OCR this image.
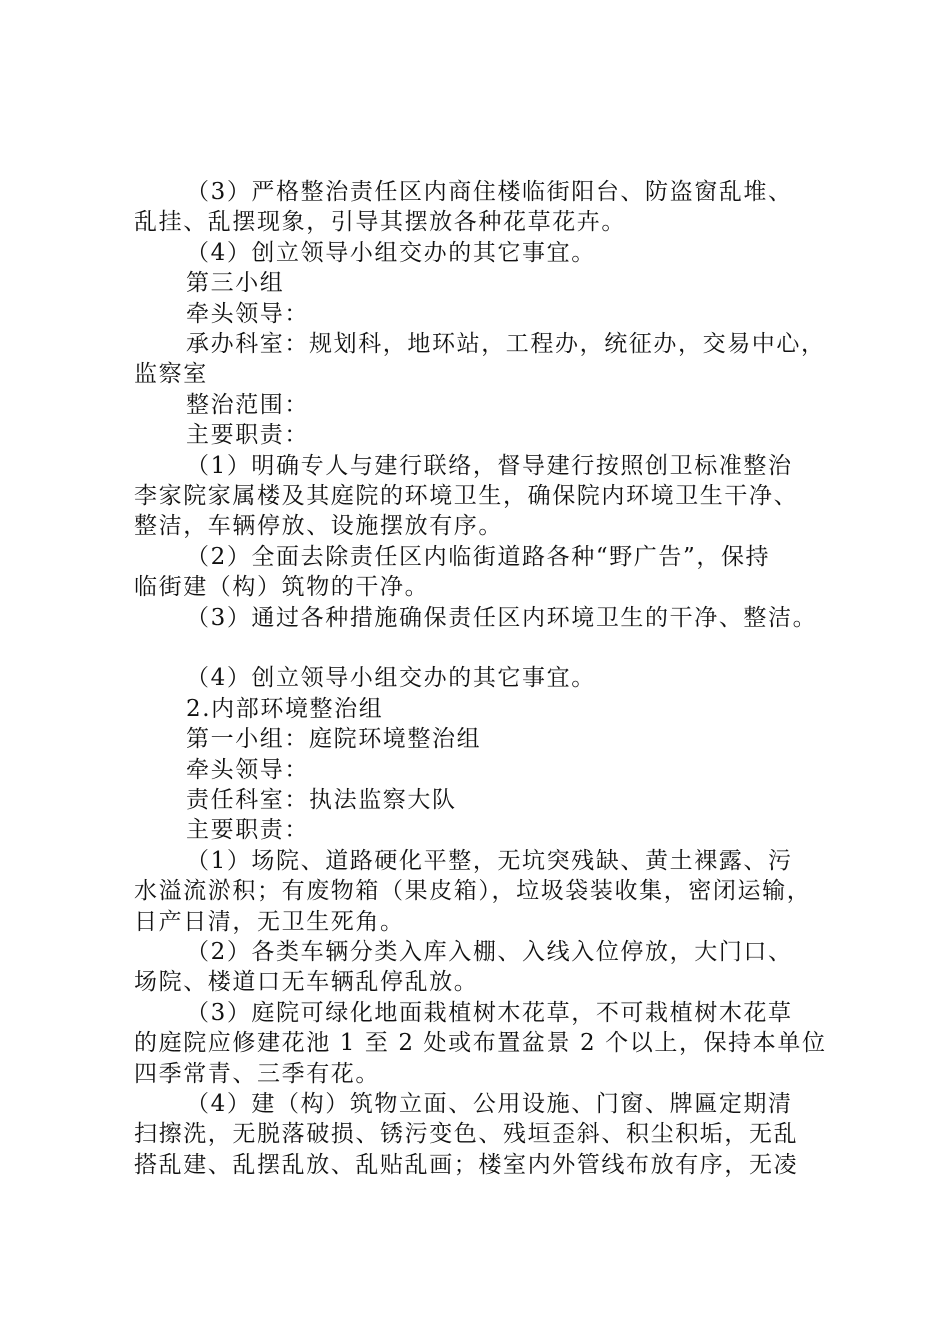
（3）严格整治责任区内商住楼临街阳台、防盗窗乱堆、
乱挂、乱摆现象，引导其摆放各种花草花卉。
（4）创立领导小组交办的其它事宜。
第三小组
牵头领导：
承办科室：规划科，地环站，工程办，统征办，交易中心，
监察室
整治范围：
主要职责：
（1）明确专人与建行联络，督导建行按照创卫标准整治
李家院家属楼及其庭院的环境卫生，确保院内环境卫生干净、
整洁，车辆停放、设施摆放有序。
（2）全面去除责任区内临街道路各种“野广告”，保持
临街建（构）筑物的干净。
（3）通过各种措施确保责任区内环境卫生的干净、整洁。
（4）创立领导小组交办的其它事宜。
2.内部环境整治组
第一小组：庭院环境整治组
牵头领导：
责任科室：执法监察大队
主要职责：
（1）场院、道路硬化平整，无坑突残缺、黄土裸露、污
水溢流淤积；有废物箱（果皮箱），垃圾袋装收集，密闭运输，
日产日清，无卫生死角。
（2）各类车辆分类入库入棚、入线入位停放，大门口、
场院、楼道口无车辆乱停乱放。
（3）庭院可绿化地面栽植树木花草，不可栽植树木花草
的庭院应修建花池 1 至 2 处或布置盆景 2 个以上，保持本单位
四季常青、三季有花。
（4）建（构）筑物立面、公用设施、门窗、牌匾定期清
扫擦洗，无脱落破损、锈污变色、残垣歪斜、积尘积垢，无乱
搭乱建、乱摆乱放、乱贴乱画；楼室内外管线布放有序，无凌
